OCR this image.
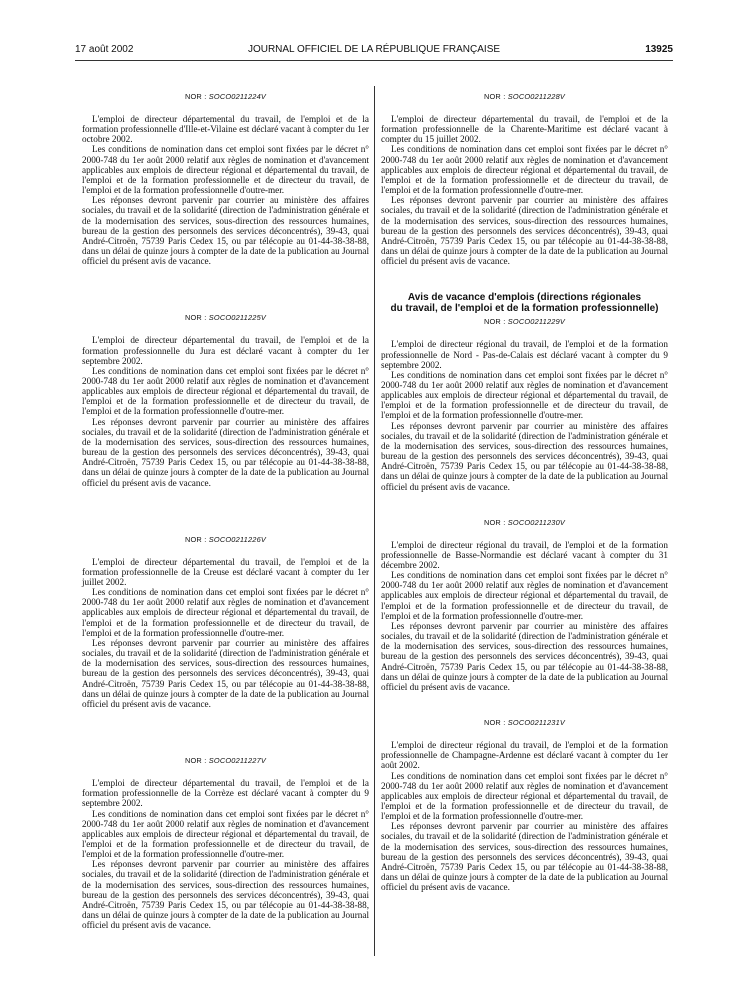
17 août 2002	JOURNAL OFFICIEL DE LA RÉPUBLIQUE FRANÇAISE	13925
NOR : SOCO0211224V

L'emploi de directeur départemental du travail, de l'emploi et de la formation professionnelle d'Ille-et-Vilaine est déclaré vacant à compter du 1er octobre 2002.

Les conditions de nomination dans cet emploi sont fixées par le décret n° 2000-748 du 1er août 2000 relatif aux règles de nomination et d'avancement applicables aux emplois de directeur régional et départemental du travail, de l'emploi et de la formation professionnelle et de directeur du travail, de l'emploi et de la formation professionnelle d'outre-mer.

Les réponses devront parvenir par courrier au ministère des affaires sociales, du travail et de la solidarité (direction de l'administration générale et de la modernisation des services, sous-direction des ressources humaines, bureau de la gestion des personnels des services déconcentrés), 39-43, quai André-Citroën, 75739 Paris Cedex 15, ou par télécopie au 01-44-38-38-88, dans un délai de quinze jours à compter de la date de la publication au Journal officiel du présent avis de vacance.

NOR : SOCO0211225V

L'emploi de directeur départemental du travail, de l'emploi et de la formation professionnelle du Jura est déclaré vacant à compter du 1er septembre 2002.

Les conditions de nomination dans cet emploi sont fixées par le décret n° 2000-748 du 1er août 2000 relatif aux règles de nomination et d'avancement applicables aux emplois de directeur régional et départemental du travail, de l'emploi et de la formation professionnelle et de directeur du travail, de l'emploi et de la formation professionnelle d'outre-mer.

Les réponses devront parvenir par courrier au ministère des affaires sociales, du travail et de la solidarité (direction de l'administration générale et de la modernisation des services, sous-direction des ressources humaines, bureau de la gestion des personnels des services déconcentrés), 39-43, quai André-Citroën, 75739 Paris Cedex 15, ou par télécopie au 01-44-38-38-88, dans un délai de quinze jours à compter de la date de la publication au Journal officiel du présent avis de vacance.

NOR : SOCO0211226V

L'emploi de directeur départemental du travail, de l'emploi et de la formation professionnelle de la Creuse est déclaré vacant à compter du 1er juillet 2002.

Les conditions de nomination dans cet emploi sont fixées par le décret n° 2000-748 du 1er août 2000 relatif aux règles de nomination et d'avancement applicables aux emplois de directeur régional et départemental du travail, de l'emploi et de la formation professionnelle et de directeur du travail, de l'emploi et de la formation professionnelle d'outre-mer.

Les réponses devront parvenir par courrier au ministère des affaires sociales, du travail et de la solidarité (direction de l'administration générale et de la modernisation des services, sous-direction des ressources humaines, bureau de la gestion des personnels des services déconcentrés), 39-43, quai André-Citroën, 75739 Paris Cedex 15, ou par télécopie au 01-44-38-38-88, dans un délai de quinze jours à compter de la date de la publication au Journal officiel du présent avis de vacance.

NOR : SOCO0211227V

L'emploi de directeur départemental du travail, de l'emploi et de la formation professionnelle de la Corrèze est déclaré vacant à compter du 9 septembre 2002.

Les conditions de nomination dans cet emploi sont fixées par le décret n° 2000-748 du 1er août 2000 relatif aux règles de nomination et d'avancement applicables aux emplois de directeur régional et départemental du travail, de l'emploi et de la formation professionnelle et de directeur du travail, de l'emploi et de la formation professionnelle d'outre-mer.

Les réponses devront parvenir par courrier au ministère des affaires sociales, du travail et de la solidarité (direction de l'administration générale et de la modernisation des services, sous-direction des ressources humaines, bureau de la gestion des personnels des services déconcentrés), 39-43, quai André-Citroën, 75739 Paris Cedex 15, ou par télécopie au 01-44-38-38-88, dans un délai de quinze jours à compter de la date de la publication au Journal officiel du présent avis de vacance.

NOR : SOCO0211228V

L'emploi de directeur départemental du travail, de l'emploi et de la formation professionnelle de la Charente-Maritime est déclaré vacant à compter du 15 juillet 2002.

Les conditions de nomination dans cet emploi sont fixées par le décret n° 2000-748 du 1er août 2000 relatif aux règles de nomination et d'avancement applicables aux emplois de directeur régional et départemental du travail, de l'emploi et de la formation professionnelle et de directeur du travail, de l'emploi et de la formation professionnelle d'outre-mer.

Les réponses devront parvenir par courrier au ministère des affaires sociales, du travail et de la solidarité (direction de l'administration générale et de la modernisation des services, sous-direction des ressources humaines, bureau de la gestion des personnels des services déconcentrés), 39-43, quai André-Citroën, 75739 Paris Cedex 15, ou par télécopie au 01-44-38-38-88, dans un délai de quinze jours à compter de la date de la publication au Journal officiel du présent avis de vacance.

Avis de vacance d'emplois (directions régionales
du travail, de l'emploi et de la formation professionnelle)
NOR : SOCO0211229V

L'emploi de directeur régional du travail, de l'emploi et de la formation professionnelle de Nord - Pas-de-Calais est déclaré vacant à compter du 9 septembre 2002.

Les conditions de nomination dans cet emploi sont fixées par le décret n° 2000-748 du 1er août 2000 relatif aux règles de nomination et d'avancement applicables aux emplois de directeur régional et départemental du travail, de l'emploi et de la formation professionnelle et de directeur du travail, de l'emploi et de la formation professionnelle d'outre-mer.

Les réponses devront parvenir par courrier au ministère des affaires sociales, du travail et de la solidarité (direction de l'administration générale et de la modernisation des services, sous-direction des ressources humaines, bureau de la gestion des personnels des services déconcentrés), 39-43, quai André-Citroën, 75739 Paris Cedex 15, ou par télécopie au 01-44-38-38-88, dans un délai de quinze jours à compter de la date de la publication au Journal officiel du présent avis de vacance.

NOR : SOCO0211230V

L'emploi de directeur régional du travail, de l'emploi et de la formation professionnelle de Basse-Normandie est déclaré vacant à compter du 31 décembre 2002.

Les conditions de nomination dans cet emploi sont fixées par le décret n° 2000-748 du 1er août 2000 relatif aux règles de nomination et d'avancement applicables aux emplois de directeur régional et départemental du travail, de l'emploi et de la formation professionnelle et de directeur du travail, de l'emploi et de la formation professionnelle d'outre-mer.

Les réponses devront parvenir par courrier au ministère des affaires sociales, du travail et de la solidarité (direction de l'administration générale et de la modernisation des services, sous-direction des ressources humaines, bureau de la gestion des personnels des services déconcentrés), 39-43, quai André-Citroën, 75739 Paris Cedex 15, ou par télécopie au 01-44-38-38-88, dans un délai de quinze jours à compter de la date de la publication au Journal officiel du présent avis de vacance.

NOR : SOCO0211231V

L'emploi de directeur régional du travail, de l'emploi et de la formation professionnelle de Champagne-Ardenne est déclaré vacant à compter du 1er août 2002.

Les conditions de nomination dans cet emploi sont fixées par le décret n° 2000-748 du 1er août 2000 relatif aux règles de nomination et d'avancement applicables aux emplois de directeur régional et départemental du travail, de l'emploi et de la formation professionnelle et de directeur du travail, de l'emploi et de la formation professionnelle d'outre-mer.

Les réponses devront parvenir par courrier au ministère des affaires sociales, du travail et de la solidarité (direction de l'administration générale et de la modernisation des services, sous-direction des ressources humaines, bureau de la gestion des personnels des services déconcentrés), 39-43, quai André-Citroën, 75739 Paris Cedex 15, ou par télécopie au 01-44-38-38-88, dans un délai de quinze jours à compter de la date de la publication au Journal officiel du présent avis de vacance.
